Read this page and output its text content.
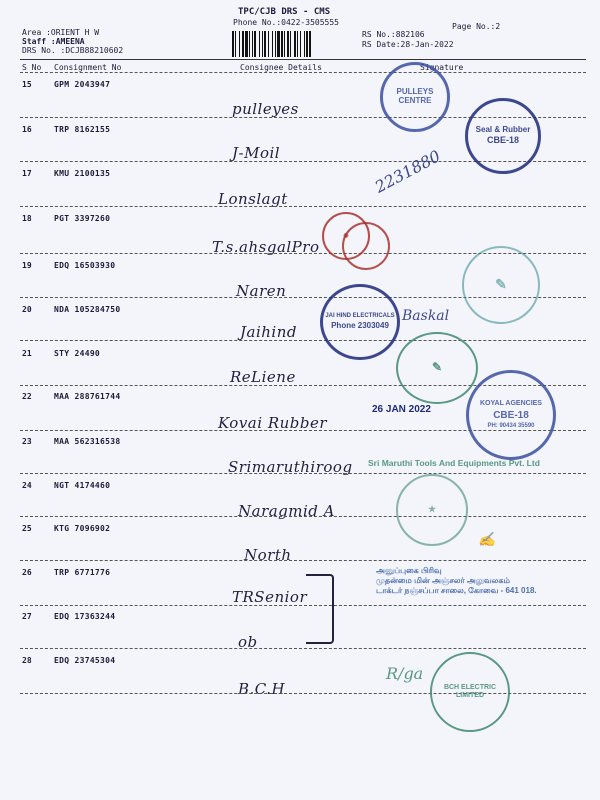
TPC/CJB DRS - CMS
Phone No.:0422-3505555	Page No.:2
Area :ORIENT H W
Staff :AMEENA
DRS No. :DCJB88210602
RS No.:882106
RS Date:28-Jan-2022
S No Consignment No	Consignee Details	Signature
15	GPM 2043947
pulleyes
16	TRP 8162155
J-Moil
17	KMU 2100135
Lonslagt
18	PGT 3397260
T.s.ahsgalPro
19	EDQ 16503930
Naren
20	NDA 105284750
Jaihind
21	STY 24490
ReLiene
22	MAA 288761744
Kovai Rubber
23	MAA 562316538
Srimaruthiroog
24	NGT 4174460
Naragmid A
25	KTG 7096902
North
26	TRP 6771776
TRSenior
27	EDQ 17363244
ob
28	EDQ 23745304
B.C.H
PULLEYS CENTRE
Seal & Rubber
CBE-18
2231880
◉
✎
JAI HIND ELECTRICALS
Phone 2303049
Baskal
✎
26 JAN 2022
KOYAL AGENCIES
CBE-18
PH: 90434 35590
Sri Maruthi Tools And Equipments Pvt. Ltd
★
✍
அனுப்புகை பிரிவு
முதன்மை மின் அஞ்சலர் அலுவலகம்
டாக்டர் நஞ்சப்பா சாலை, கோவை - 641 018.
R/ga
BCH ELECTRIC LIMITED
